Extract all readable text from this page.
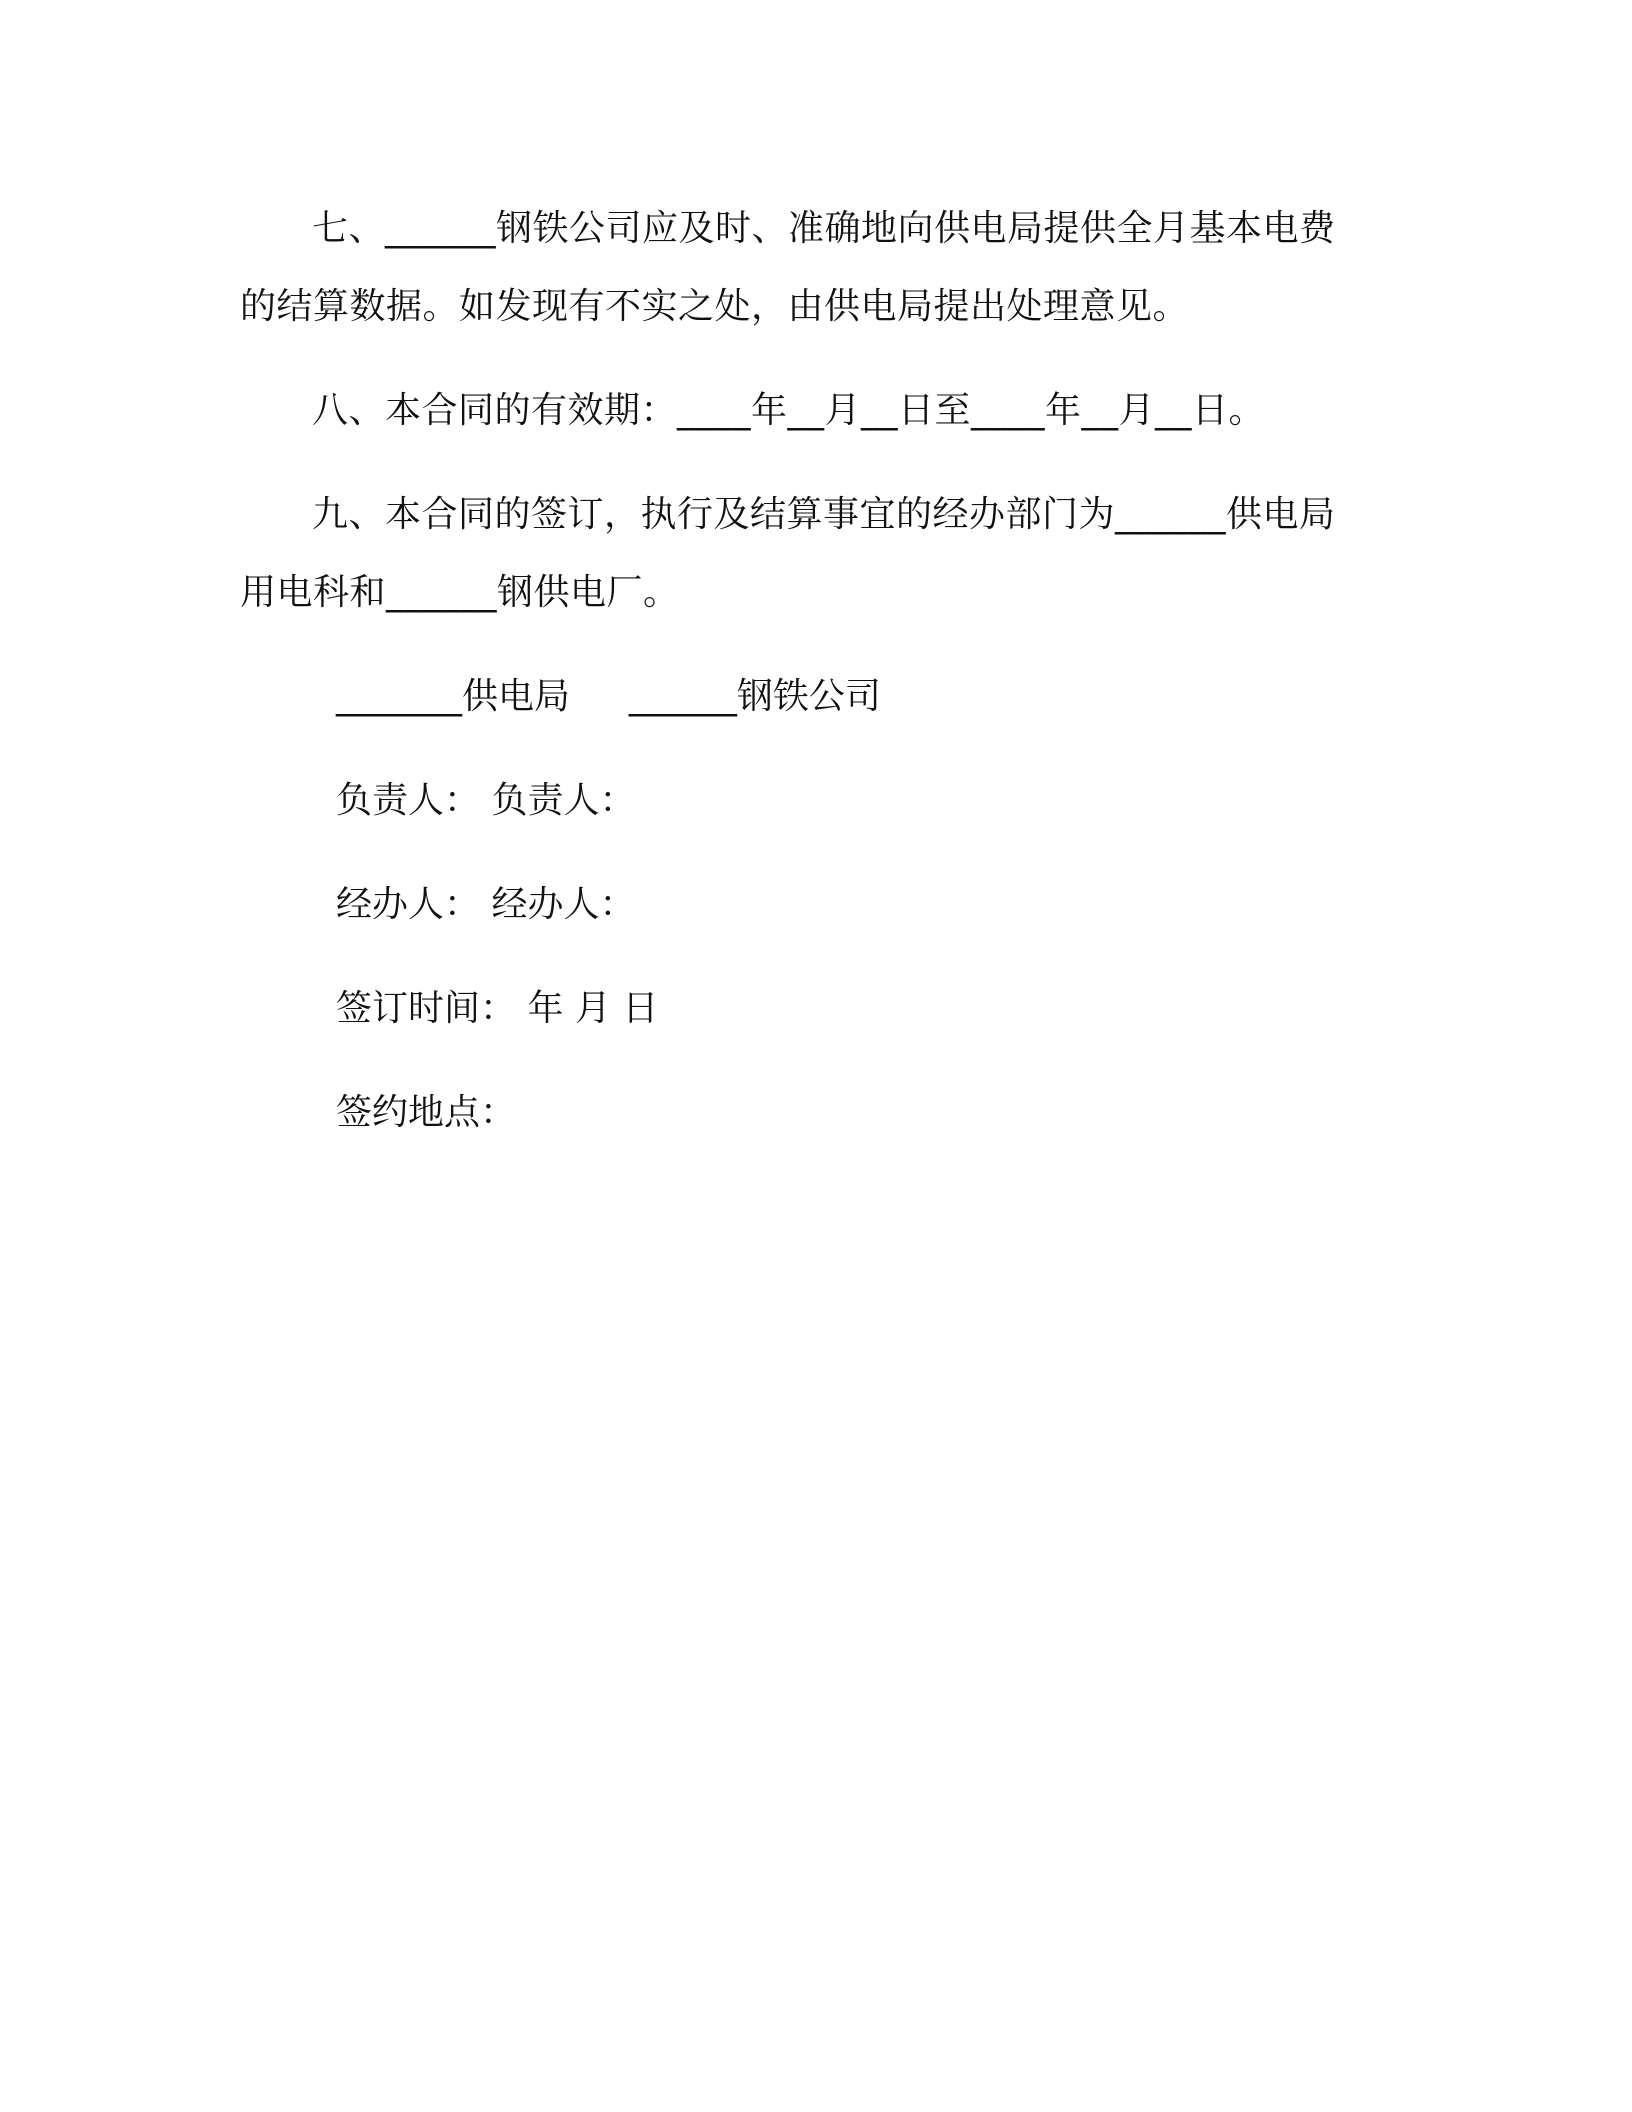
七、______钢铁公司应及时、准确地向供电局提供全月基本电费的结算数据。如发现有不实之处，由供电局提出处理意见。

八、本合同的有效期：____年__月__日至____年__月__日。

九、本合同的签订，执行及结算事宜的经办部门为______供电局用电科和______钢供电厂。

_______供电局 ______钢铁公司
负责人： 负责人：
经办人： 经办人：
签订时间： 年 月 日
签约地点：
